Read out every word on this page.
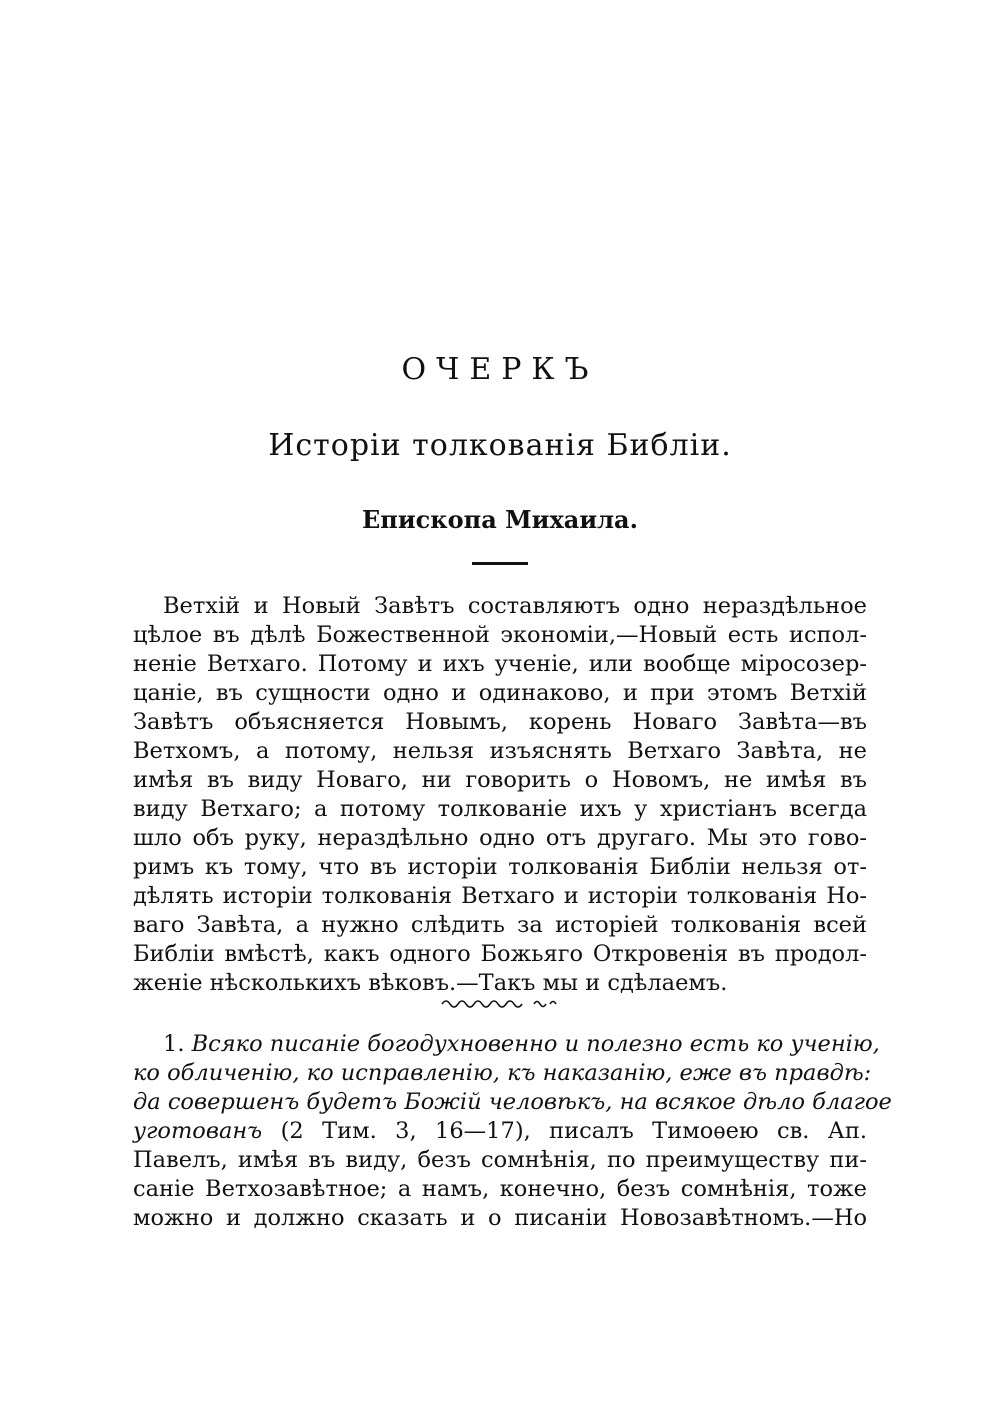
ОЧЕРКЪ
Исторіи толкованія Библіи.
Епископа Михаила.
Ветхій и Новый Завѣтъ составляютъ одно нераздѣльное
цѣлое въ дѣлѣ Божественной экономіи,—Новый есть испол-
неніе Ветхаго. Потому и ихъ ученіе, или вообще міросозер-
цаніе, въ сущности одно и одинаково, и при этомъ Ветхій
Завѣтъ объясняется Новымъ, корень Новаго Завѣта—въ
Ветхомъ, а потому, нельзя изъяснять Ветхаго Завѣта, не
имѣя въ виду Новаго, ни говорить о Новомъ, не имѣя въ
виду Ветхаго; а потому толкованіе ихъ у христіанъ всегда
шло объ руку, нераздѣльно одно отъ другаго. Мы это гово-
римъ къ тому, что въ исторіи толкованія Библіи нельзя от-
дѣлять исторіи толкованія Ветхаго и исторіи толкованія Но-
ваго Завѣта, а нужно слѣдить за исторіей толкованія всей
Библіи вмѣстѣ, какъ одного Божьяго Откровенія въ продол-
женіе нѣсколькихъ вѣковъ.—Такъ мы и сдѣлаемъ.
1. Всяко писаніе богодухновенно и полезно есть ко ученію,
ко обличенію, ко исправленію, къ наказанію, еже въ правдѣ:
да совершенъ будетъ Божій человѣкъ, на всякое дѣло благое
уготованъ (2 Тим. 3, 16—17), писалъ Тимоѳею св. Ап.
Павелъ, имѣя въ виду, безъ сомнѣнія, по преимуществу пи-
саніе Ветхозавѣтное; а намъ, конечно, безъ сомнѣнія, тоже
можно и должно сказать и о писаніи Новозавѣтномъ.—Но
